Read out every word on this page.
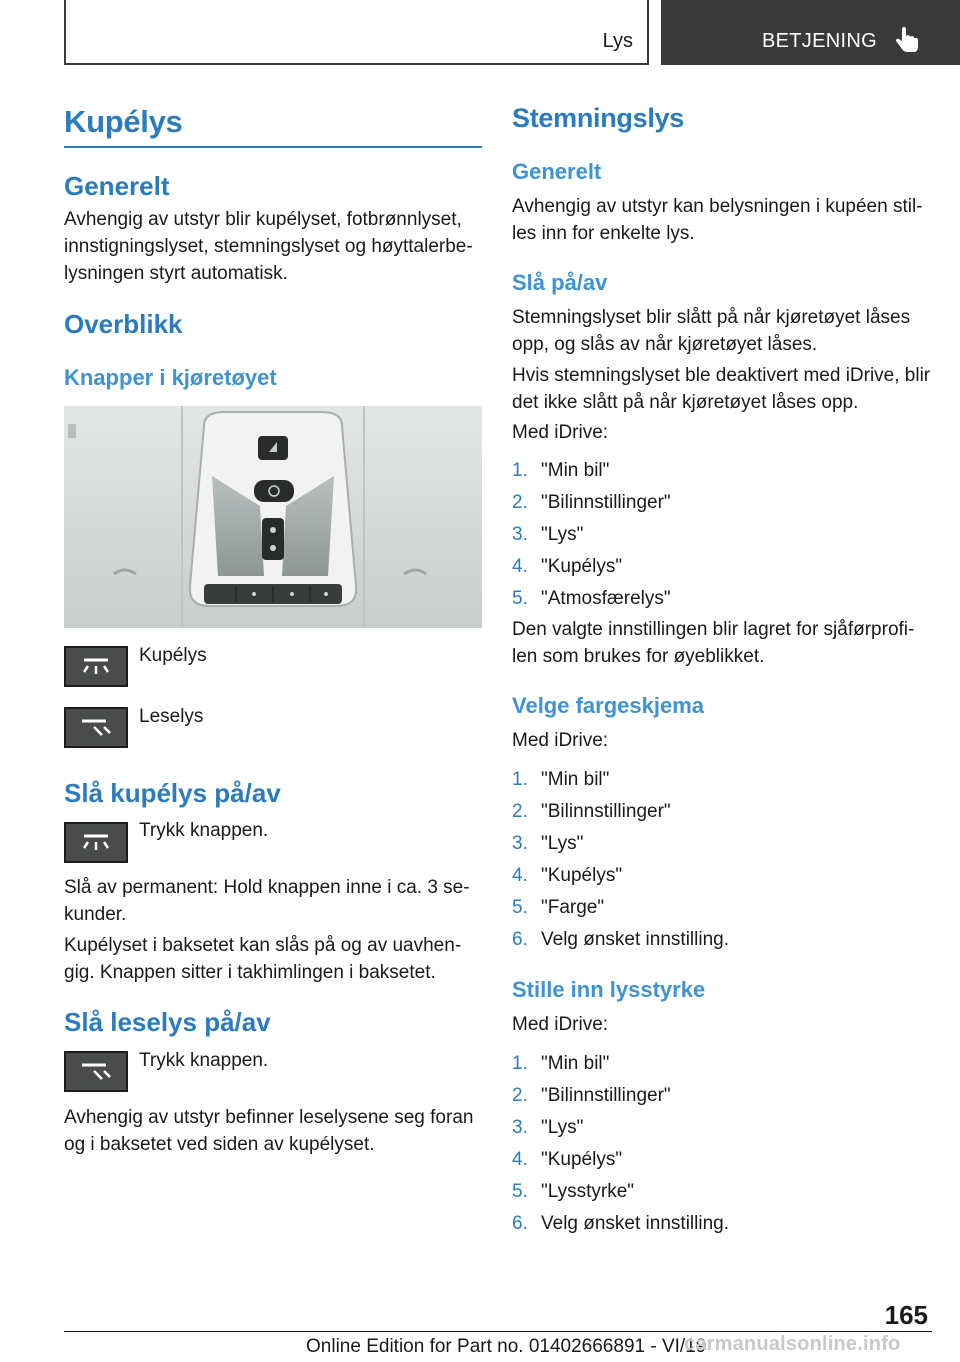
Lys	BETJENING
Kupélys
Generelt

Avhengig av utstyr blir kupélyset, fotbrønnlyset, innstigningslyset, stemningslyset og høyttalerbelysningen styrt automatisk.

Overblikk
Knapper i kjøretøyet
Kupélys
Leselys
Slå kupélys på/av
Trykk knappen.

Slå av permanent: Hold knappen inne i ca. 3 sekunder.

Kupélyset i baksetet kan slås på og av uavhengig. Knappen sitter i takhimlingen i baksetet.

Slå leselys på/av
Trykk knappen.

Avhengig av utstyr befinner leselysene seg foran og i baksetet ved siden av kupélyset.

Stemningslys
Generelt

Avhengig av utstyr kan belysningen i kupéen stilles inn for enkelte lys.

Slå på/av

Stemningslyset blir slått på når kjøretøyet låses opp, og slås av når kjøretøyet låses.

Hvis stemningslyset ble deaktivert med iDrive, blir det ikke slått på når kjøretøyet låses opp.

Med iDrive:

1. "Min bil"
2. "Bilinnstillinger"
3. "Lys"
4. "Kupélys"
5. "Atmosfærelys"

Den valgte innstillingen blir lagret for sjåførprofilen som brukes for øyeblikket.

Velge fargeskjema

Med iDrive:

1. "Min bil"
2. "Bilinnstillinger"
3. "Lys"
4. "Kupélys"
5. "Farge"
6. Velg ønsket innstilling.
Stille inn lysstyrke

Med iDrive:

1. "Min bil"
2. "Bilinnstillinger"
3. "Lys"
4. "Kupélys"
5. "Lysstyrke"
6. Velg ønsket innstilling.
165
Online Edition for Part no. 01402666891 - VI/19
carmanualsonline.info
